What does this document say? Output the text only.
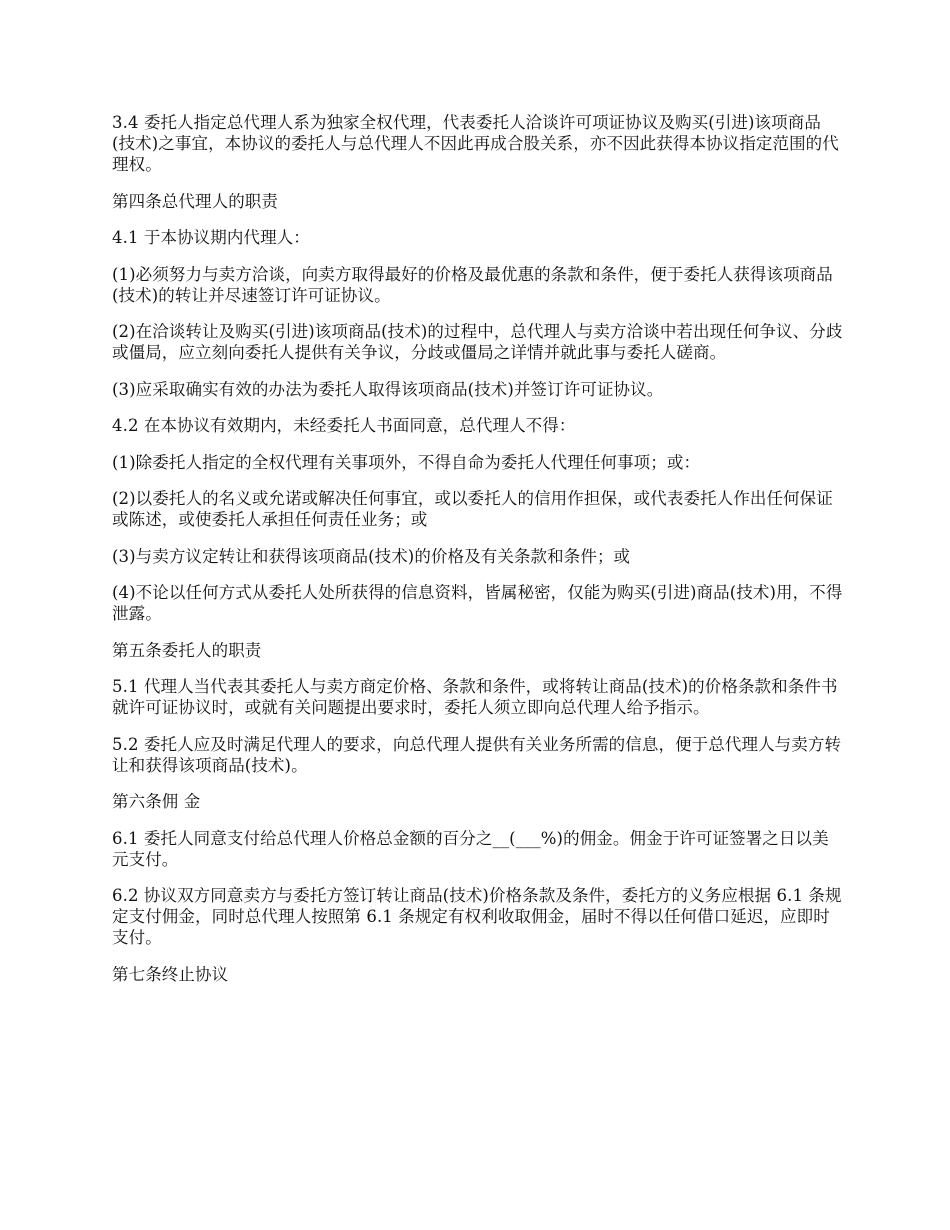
3.4 委托人指定总代理人系为独家全权代理，代表委托人洽谈许可项证协议及购买(引进)该项商品(技术)之事宜，本协议的委托人与总代理人不因此再成合股关系，亦不因此获得本协议指定范围的代理权。

第四条总代理人的职责

4.1 于本协议期内代理人：

(1)必须努力与卖方洽谈，向卖方取得最好的价格及最优惠的条款和条件，便于委托人获得该项商品(技术)的转让并尽速签订许可证协议。

(2)在洽谈转让及购买(引进)该项商品(技术)的过程中，总代理人与卖方洽谈中若出现任何争议、分歧或僵局，应立刻向委托人提供有关争议，分歧或僵局之详情并就此事与委托人磋商。

(3)应采取确实有效的办法为委托人取得该项商品(技术)并签订许可证协议。

4.2 在本协议有效期内，未经委托人书面同意，总代理人不得：

(1)除委托人指定的全权代理有关事项外，不得自命为委托人代理任何事项；或：

(2)以委托人的名义或允诺或解决任何事宜，或以委托人的信用作担保，或代表委托人作出任何保证或陈述，或使委托人承担任何责任业务；或

(3)与卖方议定转让和获得该项商品(技术)的价格及有关条款和条件；或

(4)不论以任何方式从委托人处所获得的信息资料，皆属秘密，仅能为购买(引进)商品(技术)用，不得泄露。

第五条委托人的职责

5.1 代理人当代表其委托人与卖方商定价格、条款和条件，或将转让商品(技术)的价格条款和条件书就许可证协议时，或就有关问题提出要求时，委托人须立即向总代理人给予指示。

5.2 委托人应及时满足代理人的要求，向总代理人提供有关业务所需的信息，便于总代理人与卖方转让和获得该项商品(技术)。

第六条佣 金

6.1 委托人同意支付给总代理人价格总金额的百分之__(___%)的佣金。佣金于许可证签署之日以美元支付。

6.2 协议双方同意卖方与委托方签订转让商品(技术)价格条款及条件，委托方的义务应根据 6.1 条规定支付佣金，同时总代理人按照第 6.1 条规定有权利收取佣金，届时不得以任何借口延迟，应即时支付。

第七条终止协议
